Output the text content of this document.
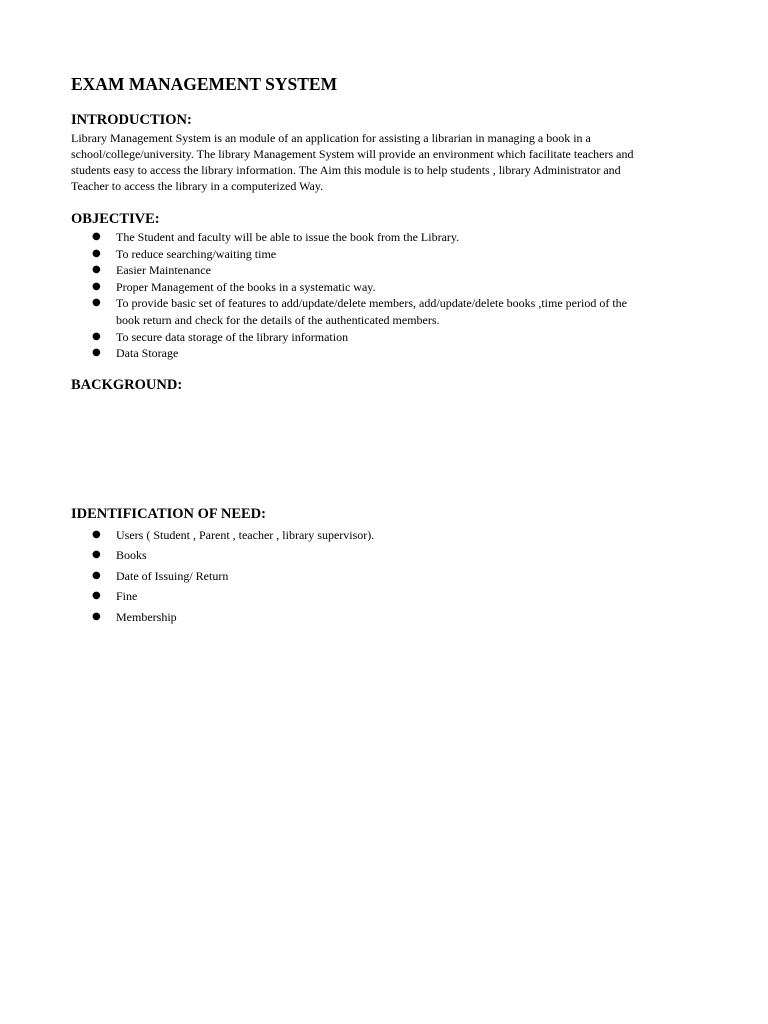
EXAM MANAGEMENT SYSTEM
INTRODUCTION:

Library Management System is an module of an application for assisting a librarian in managing a book in a
school/college/university. The library Management System will provide an environment which facilitate teachers and
students easy to access the library information. The Aim this module is to help students , library Administrator and
Teacher to access the library in a computerized Way.

OBJECTIVE:
● The Student and faculty will be able to issue the book from the Library.
● To reduce searching/waiting time
● Easier Maintenance
● Proper Management of the books in a systematic way.
● To provide basic set of features to add/update/delete members, add/update/delete books ,time period of the
book return and check for the details of the authenticated members.
● To secure data storage of the library information
● Data Storage
BACKGROUND:
IDENTIFICATION OF NEED:
● Users ( Student , Parent , teacher , library supervisor).
● Books
● Date of Issuing/ Return
● Fine
● Membership
